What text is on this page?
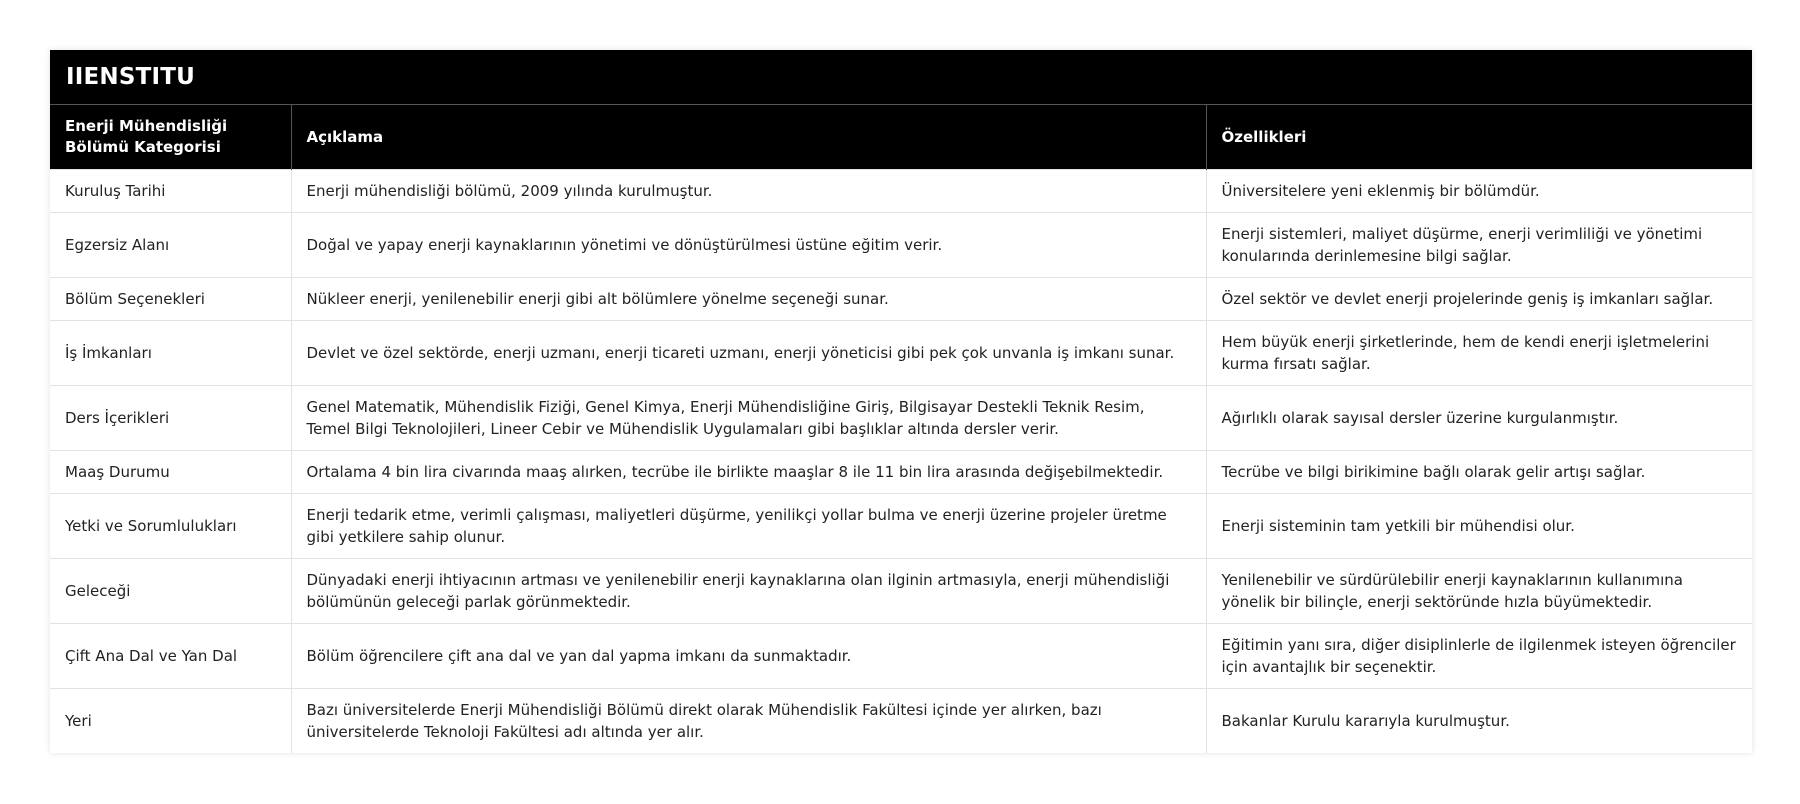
IIENSTITU
Enerji Mühendisliği Bölümü Kategorisi	Açıklama	Özellikleri
Kuruluş Tarihi	Enerji mühendisliği bölümü, 2009 yılında kurulmuştur.	Üniversitelere yeni eklenmiş bir bölümdür.
Egzersiz Alanı	Doğal ve yapay enerji kaynaklarının yönetimi ve dönüştürülmesi üstüne eğitim verir.	Enerji sistemleri, maliyet düşürme, enerji verimliliği ve yönetimi konularında derinlemesine bilgi sağlar.
Bölüm Seçenekleri	Nükleer enerji, yenilenebilir enerji gibi alt bölümlere yönelme seçeneği sunar.	Özel sektör ve devlet enerji projelerinde geniş iş imkanları sağlar.
İş İmkanları	Devlet ve özel sektörde, enerji uzmanı, enerji ticareti uzmanı, enerji yöneticisi gibi pek çok unvanla iş imkanı sunar.	Hem büyük enerji şirketlerinde, hem de kendi enerji işletmelerini kurma fırsatı sağlar.
Ders İçerikleri	Genel Matematik, Mühendislik Fiziği, Genel Kimya, Enerji Mühendisliğine Giriş, Bilgisayar Destekli Teknik Resim, Temel Bilgi Teknolojileri, Lineer Cebir ve Mühendislik Uygulamaları gibi başlıklar altında dersler verir.	Ağırlıklı olarak sayısal dersler üzerine kurgulanmıştır.
Maaş Durumu	Ortalama 4 bin lira civarında maaş alırken, tecrübe ile birlikte maaşlar 8 ile 11 bin lira arasında değişebilmektedir.	Tecrübe ve bilgi birikimine bağlı olarak gelir artışı sağlar.
Yetki ve Sorumlulukları	Enerji tedarik etme, verimli çalışması, maliyetleri düşürme, yenilikçi yollar bulma ve enerji üzerine projeler üretme gibi yetkilere sahip olunur.	Enerji sisteminin tam yetkili bir mühendisi olur.
Geleceği	Dünyadaki enerji ihtiyacının artması ve yenilenebilir enerji kaynaklarına olan ilginin artmasıyla, enerji mühendisliği bölümünün geleceği parlak görünmektedir.	Yenilenebilir ve sürdürülebilir enerji kaynaklarının kullanımına yönelik bir bilinçle, enerji sektöründe hızla büyümektedir.
Çift Ana Dal ve Yan Dal	Bölüm öğrencilere çift ana dal ve yan dal yapma imkanı da sunmaktadır.	Eğitimin yanı sıra, diğer disiplinlerle de ilgilenmek isteyen öğrenciler için avantajlık bir seçenektir.
Yeri	Bazı üniversitelerde Enerji Mühendisliği Bölümü direkt olarak Mühendislik Fakültesi içinde yer alırken, bazı üniversitelerde Teknoloji Fakültesi adı altında yer alır.	Bakanlar Kurulu kararıyla kurulmuştur.
